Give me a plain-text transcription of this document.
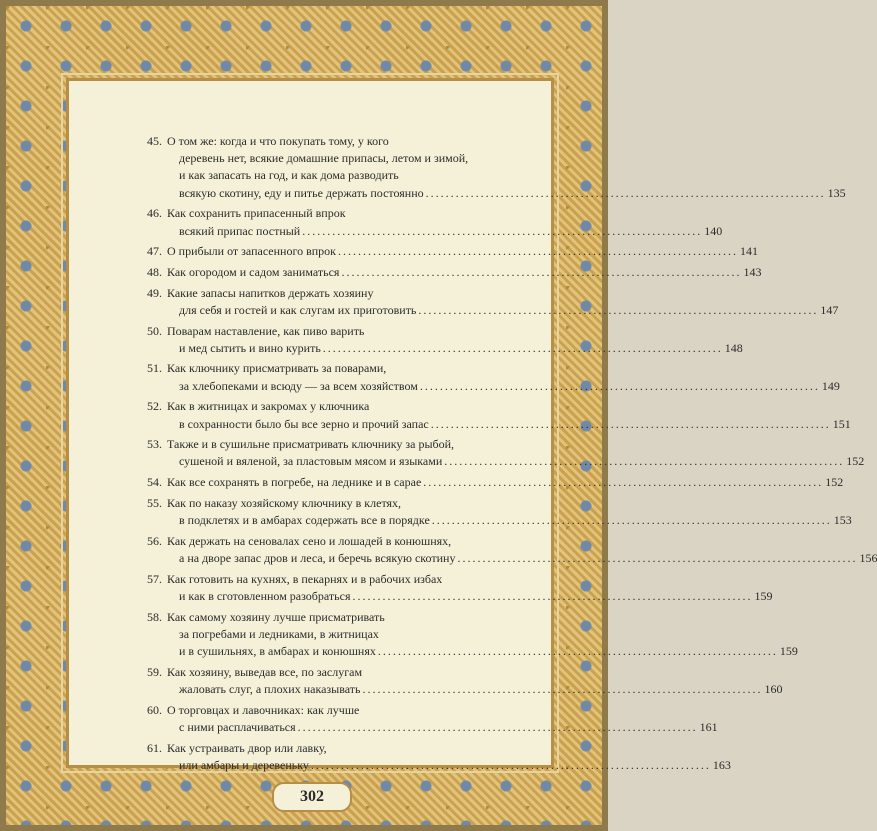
45. О том же: когда и что покупать тому, у кого
деревень нет, всякие домашние припасы, летом и зимой,
и как запасать на год, и как дома разводить
всякую скотину, еду и питье держать постоянно ................................................................................ 135
46. Как сохранить припасенный впрок
всякий припас постный ................................................................................ 140
47. О прибыли от запасенного впрок ................................................................................ 141
48. Как огородом и садом заниматься ................................................................................ 143
49. Какие запасы напитков держать хозяину
для себя и гостей и как слугам их приготовить ................................................................................ 147
50. Поварам наставление, как пиво варить
и мед сытить и вино курить ................................................................................ 148
51. Как ключнику присматривать за поварами,
за хлебопеками и всюду — за всем хозяйством ................................................................................ 149
52. Как в житницах и закромах у ключника
в сохранности было бы все зерно и прочий запас ................................................................................ 151
53. Также и в сушильне присматривать ключнику за рыбой,
сушеной и вяленой, за пластовым мясом и языками ................................................................................ 152
54. Как все сохранять в погребе, на леднике и в сарае ................................................................................ 152
55. Как по наказу хозяйскому ключнику в клетях,
в подклетях и в амбарах содержать все в порядке ................................................................................ 153
56. Как держать на сеновалах сено и лошадей в конюшнях,
а на дворе запас дров и леса, и беречь всякую скотину ................................................................................ 156
57. Как готовить на кухнях, в пекарнях и в рабочих избах
и как в сготовленном разобраться ................................................................................ 159
58. Как самому хозяину лучше присматривать
за погребами и ледниками, в житницах
и в сушильнях, в амбарах и конюшнях ................................................................................ 159
59. Как хозяину, выведав все, по заслугам
жаловать слуг, а плохих наказывать ................................................................................ 160
60. О торговцах и лавочниках: как лучше
с ними расплачиваться ................................................................................ 161
61. Как устраивать двор или лавку,
или амбары и деревеньку ................................................................................ 163
302
